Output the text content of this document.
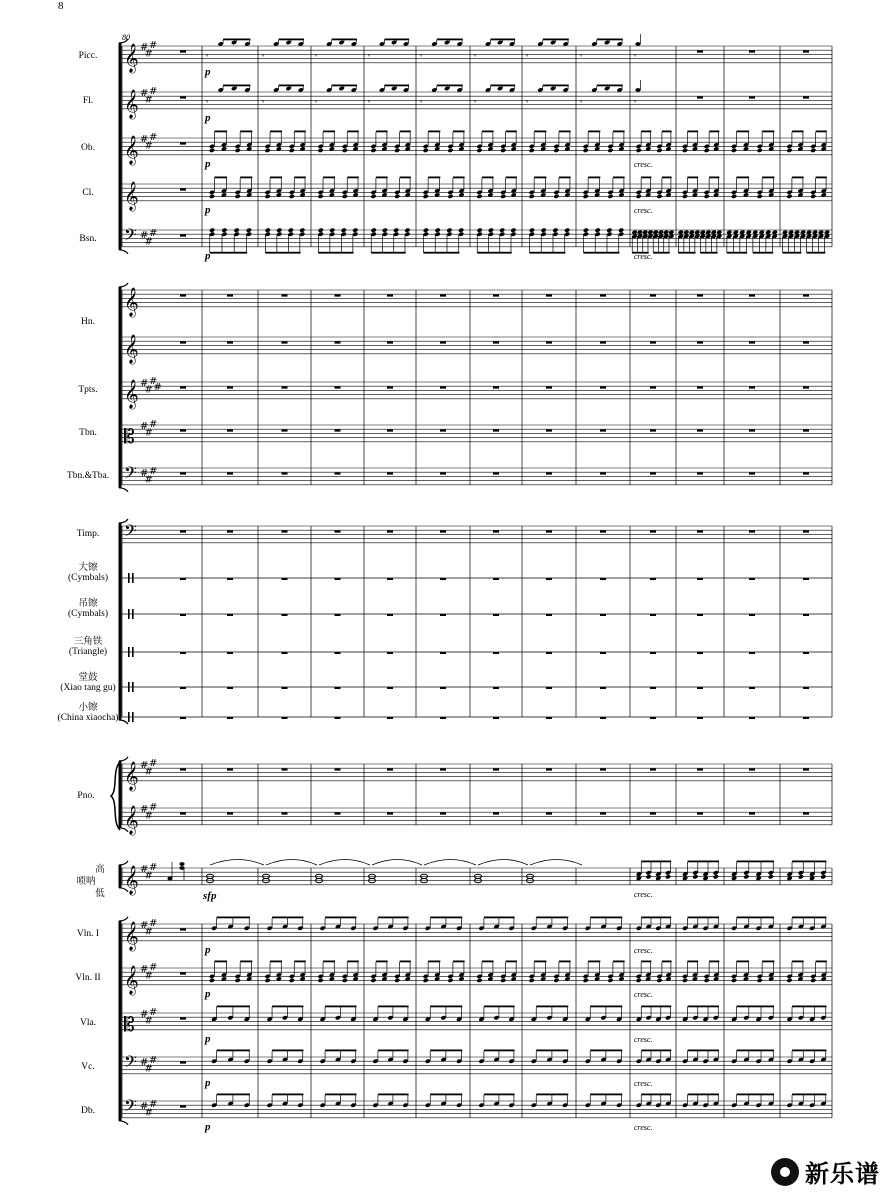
8
𝄞 #
#
#
𝄞 #
#
#
𝄞 #
#
#
𝄞
𝄢 #
#
#
𝄞
𝄞
𝄞 #
#
#
#
𝄡 #
#
#
𝄢 #
#
#
𝄢
𝄞 #
#
#
𝄞 #
#
#
𝄞 #
#
#
𝄞 #
#
#
𝄞 #
#
#
𝄡 #
#
#
𝄢 #
#
#
𝄢 #
#
#
Picc.
Fl.
Ob.
Cl.
Bsn.
Hn.
Tpts.
Tbn.
Tbn.&Tba.
Timp.
大镲
(Cymbals)
吊镲
(Cymbals)
三角铁
(Triangle)
堂鼓
(Xiao tang gu)
小镲
(China xiaocha)
Pno.
高
唢呐
低
Vln. I
Vln. II
Vla.
Vc.
Db.
80
𝄾	𝄾	𝄾	𝄾	𝄾	𝄾	𝄾	𝄾	𝄾
𝄾	𝄾	𝄾	𝄾	𝄾	𝄾	𝄾	𝄾	𝄾
p
p
p
p
p
p
p
p
p
p
sfp
cresc.
cresc.
cresc.
cresc.
cresc.
cresc.
cresc.
cresc.
cresc.
新乐谱
